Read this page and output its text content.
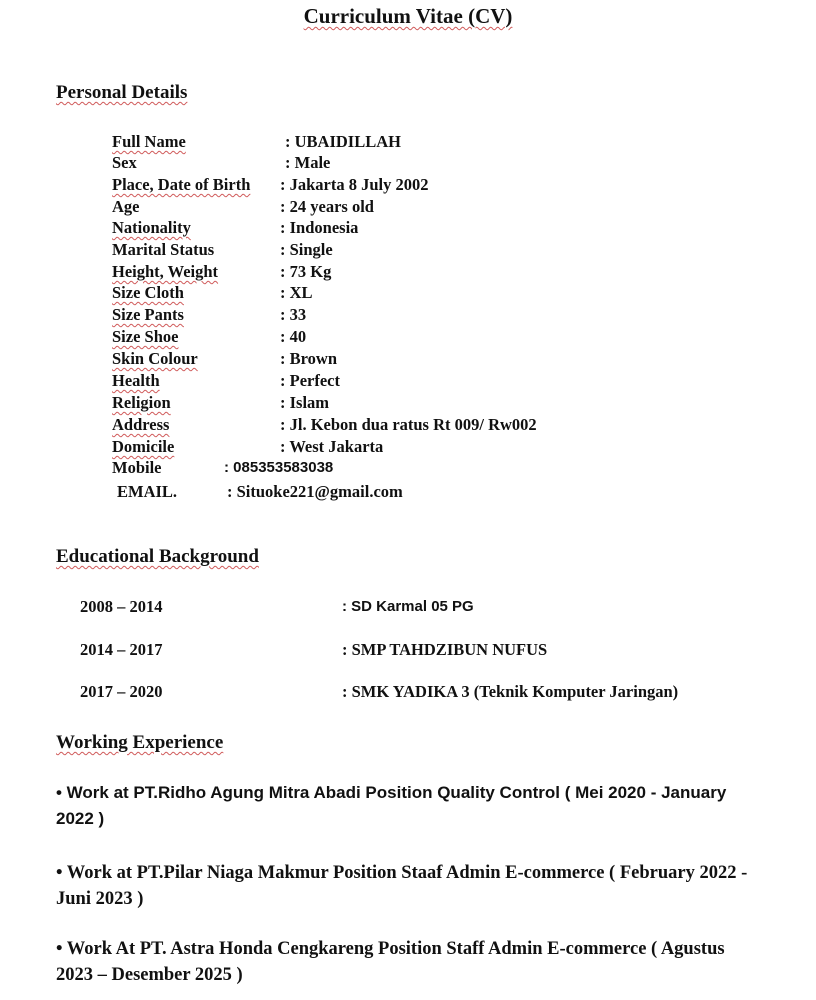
Curriculum Vitae (CV)
Personal Details
Full Name	: UBAIDILLAH
Sex	: Male
Place, Date of Birth : Jakarta 8 July 2002
Age	: 24 years old
Nationality	: Indonesia
Marital Status	: Single
Height, Weight	: 73 Kg
Size Cloth	: XL
Size Pants	: 33
Size Shoe	: 40
Skin Colour	: Brown
Health	: Perfect
Religion	: Islam
Address	: Jl. Kebon dua ratus Rt 009/ Rw002
Domicile	: West Jakarta
Mobile	: 085353583038
EMAIL.	: Situoke221@gmail.com
Educational Background
2008 – 2014	: SD Karmal 05 PG
2014 – 2017	: SMP TAHDZIBUN NUFUS
2017 – 2020	: SMK YADIKA 3 (Teknik Komputer Jaringan)
Working Experience
• Work at PT.Ridho Agung Mitra Abadi Position Quality Control ( Mei 2020 - January 2022 )
• Work at PT.Pilar Niaga Makmur Position Staaf Admin E-commerce ( February 2022 - Juni 2023 )
• Work At PT. Astra Honda Cengkareng Position Staff Admin E-commerce ( Agustus 2023 – Desember 2025 )
